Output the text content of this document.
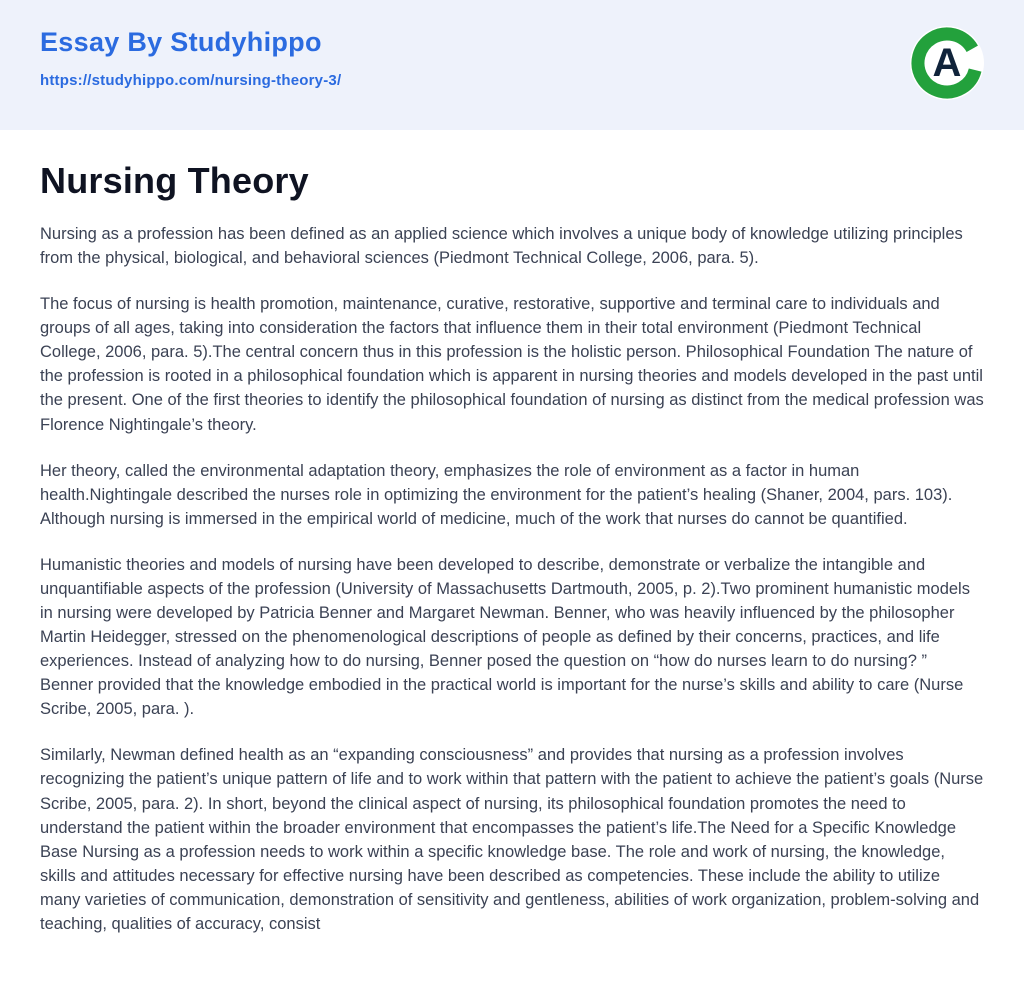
Essay By Studyhippo
https://studyhippo.com/nursing-theory-3/	A
Nursing Theory

Nursing as a profession has been defined as an applied science which involves a unique body of knowledge utilizing principles from the physical, biological, and behavioral sciences (Piedmont Technical College, 2006, para. 5).

The focus of nursing is health promotion, maintenance, curative, restorative, supportive and terminal care to individuals and groups of all ages, taking into consideration the factors that influence them in their total environment (Piedmont Technical College, 2006, para. 5).The central concern thus in this profession is the holistic person. Philosophical Foundation The nature of the profession is rooted in a philosophical foundation which is apparent in nursing theories and models developed in the past until the present. One of the first theories to identify the philosophical foundation of nursing as distinct from the medical profession was Florence Nightingale’s theory.

Her theory, called the environmental adaptation theory, emphasizes the role of environment as a factor in human health.Nightingale described the nurses role in optimizing the environment for the patient’s healing (Shaner, 2004, pars. 103). Although nursing is immersed in the empirical world of medicine, much of the work that nurses do cannot be quantified.

Humanistic theories and models of nursing have been developed to describe, demonstrate or verbalize the intangible and unquantifiable aspects of the profession (University of Massachusetts Dartmouth, 2005, p. 2).Two prominent humanistic models in nursing were developed by Patricia Benner and Margaret Newman. Benner, who was heavily influenced by the philosopher Martin Heidegger, stressed on the phenomenological descriptions of people as defined by their concerns, practices, and life experiences. Instead of analyzing how to do nursing, Benner posed the question on “how do nurses learn to do nursing? ” Benner provided that the knowledge embodied in the practical world is important for the nurse’s skills and ability to care (Nurse Scribe, 2005, para. ).

Similarly, Newman defined health as an “expanding consciousness” and provides that nursing as a profession involves recognizing the patient’s unique pattern of life and to work within that pattern with the patient to achieve the patient’s goals (Nurse Scribe, 2005, para. 2). In short, beyond the clinical aspect of nursing, its philosophical foundation promotes the need to understand the patient within the broader environment that encompasses the patient’s life.The Need for a Specific Knowledge Base Nursing as a profession needs to work within a specific knowledge base. The role and work of nursing, the knowledge, skills and attitudes necessary for effective nursing have been described as competencies. These include the ability to utilize many varieties of communication, demonstration of sensitivity and gentleness, abilities of work organization, problem-solving and teaching, qualities of accuracy, consist
